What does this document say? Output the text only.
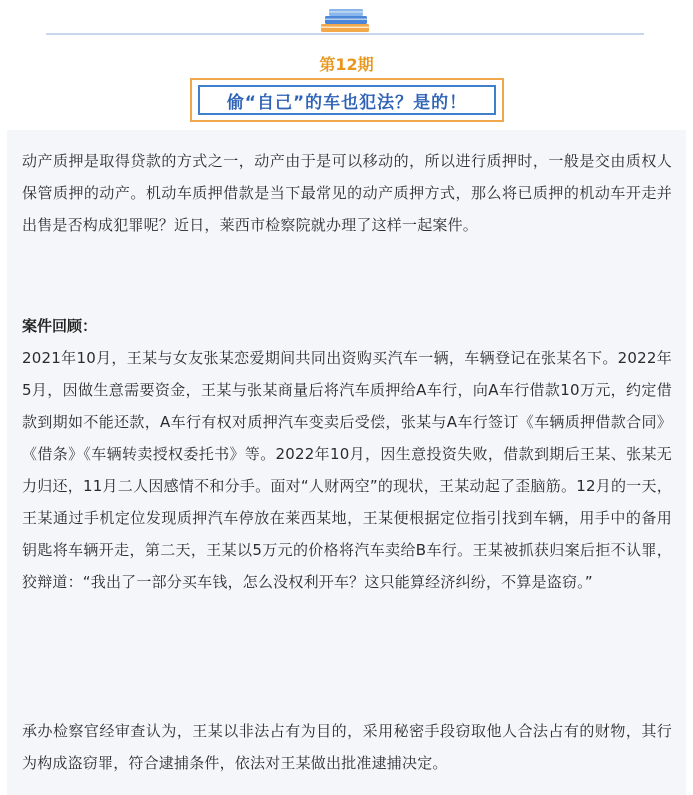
第12期
偷“自己”的车也犯法？是的！
动产质押是取得贷款的方式之一，动产由于是可以移动的，所以进行质押时，一般是交由质权人保管质押的动产。机动车质押借款是当下最常见的动产质押方式，那么将已质押的机动车开走并出售是否构成犯罪呢？近日，莱西市检察院就办理了这样一起案件。
案件回顾：
2021年10月，王某与女友张某恋爱期间共同出资购买汽车一辆，车辆登记在张某名下。2022年5月，因做生意需要资金，王某与张某商量后将汽车质押给A车行，向A车行借款10万元，约定借款到期如不能还款，A车行有权对质押汽车变卖后受偿，张某与A车行签订《车辆质押借款合同》《借条》《车辆转卖授权委托书》等。2022年10月，因生意投资失败，借款到期后王某、张某无力归还，11月二人因感情不和分手。面对“人财两空”的现状，王某动起了歪脑筋。12月的一天，王某通过手机定位发现质押汽车停放在莱西某地，王某便根据定位指引找到车辆，用手中的备用钥匙将车辆开走，第二天，王某以5万元的价格将汽车卖给B车行。王某被抓获归案后拒不认罪，狡辩道：“我出了一部分买车钱，怎么没权利开车？这只能算经济纠纷，不算是盗窃。”
承办检察官经审查认为，王某以非法占有为目的，采用秘密手段窃取他人合法占有的财物，其行为构成盗窃罪，符合逮捕条件，依法对王某做出批准逮捕决定。
